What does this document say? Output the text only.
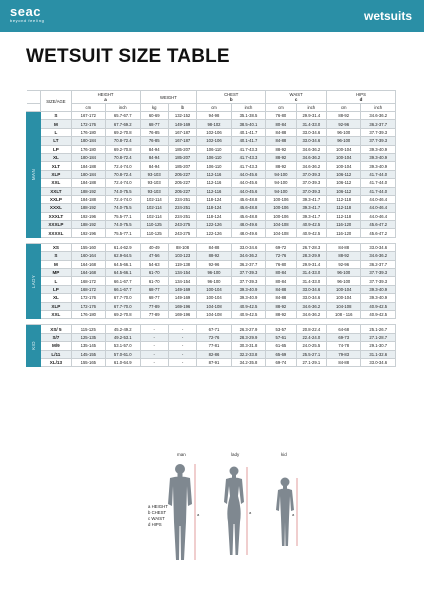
seac
beyond feeling	wetsuits
WETSUIT SIZE TABLE
	SIZE/AGE	HEIGHT
a		WEIGHT		CHEST
b		WAIST
c		HIPS
d	

		cm	inch	kg	lb	cm	inch	cm	inch	cm	inch
MAN	S	167-172	65.7-67.7	60-69	132-152	94-98	35.1-38.5	76-80	29.9-31.4	88-92	34.6-36.2
	M	172-176	67.7-69.2	68-77	149-169	98-102	38.5-40.1	80-84	31.4-33.0	92-96	36.2-37.7
	L	176-180	69.2-70.8	76-85	167-187	102-106	40.1-41.7	84-88	33.0-34.6	96-100	37.7-39.3
	LT	180-184	70.8-72.4	76-85	167-187	102-106	40.1-41.7	84-88	33.0-34.6	96-100	37.7-39.3
	LP	176-180	69.2-70.8	84-94	185-207	106-110	41.7-43.3	88-92	34.6-36.2	100-104	39.3-40.9
	XL	180-184	70.8-72.4	84-94	185-207	106-110	41.7-43.3	88-92	34.6-36.2	100-104	39.3-40.9
	XLT	184-188	72.4-74.0	84-94	185-207	106-110	41.7-43.3	88-92	34.6-36.2	100-104	39.3-40.9
	XLP	180-184	70.8-72.4	93-103	205-227	112-116	44.0-45.6	94-100	37.0-39.3	106-112	41.7-44.0
	XXL	184-188	72.4-74.0	93-103	205-227	112-116	44.0-45.6	94-100	37.0-39.3	106-112	41.7-44.0
	XXLT	188-192	74.0-75.5	93-103	205-227	112-116	44.0-45.6	94-100	37.0-39.3	106-112	41.7-44.0
	XXLP	184-188	72.4-74.0	102-114	224-251	118-124	45.6-48.8	100-106	39.3-41.7	112-118	44.0-46.4
	XXXL	188-192	74.0-75.5	102-114	224-251	118-124	45.6-48.8	100-106	39.3-41.7	112-118	44.0-46.4
	XXXLT	192-196	75.5-77.1	102-114	224-251	118-124	45.6-48.8	100-106	39.3-41.7	112-118	44.0-46.4
	XXXLP	188-192	74.0-75.5	110-125	243-275	122-126	48.0-49.6	104-108	40.9-42.5	116-120	45.6-47.2
	XXXXL	192-196	75.5-77.1	110-125	243-275	122-126	48.0-49.6	104-108	40.9-42.5	116-120	45.6-47.2

LADY	XS	155-160	61.4-62.9	40-49	88-108	84-88	33.0-34.6	69-72	26.7-28.3	84-88	33.0-34.6
	S	160-164	62.9-64.5	47-56	103-123	88-92	34.6-36.2	72-76	28.3-29.9	88-92	34.6-36.2
	M	164-168	64.5-66.1	54-63	119-138	92-96	36.2-37.7	76-80	29.9-31.4	92-96	36.2-37.7
	MP	164-168	64.5-66.1	61-70	134-154	96-100	37.7-39.3	80-84	31.4-33.0	96-100	37.7-39.3
	L	168-172	66.1-67.7	61-70	134-154	96-100	37.7-39.3	80-84	31.4-33.0	96-100	37.7-39.3
	LP	168-172	66.1-67.7	68-77	149-169	100-104	39.3-40.9	84-88	33.0-34.6	100-104	39.3-40.9
	XL	172-176	67.7-70.0	68-77	149-169	100-104	39.3-40.9	84-88	33.0-34.6	100-104	39.3-40.9
	XLP	172-176	67.7-70.0	77-89	169-196	104-108	40.9-42.5	88-92	34.6-36.2	104-108	40.9-42.5
	XXL	176-180	69.2-70.8	77-89	169-196	104-108	40.9-42.5	88-92	34.6-36.2	108 - 116	40.9-42.5

KID	XS/ 5	115-125	45.2-49.2	-	-	67-71	26.3-27.9	53-57	20.8-22.4	64-68	25.1-26.7
	S/7	125-135	49.2-53.1	-	-	72-76	28.3-29.9	57-61	22.4-24.0	69-73	27.1-28.7
	M/9	135-145	53.1-57.0	-	-	77-81	30.3-31.8	61-65	24.0-25.5	74-78	29.1-30.7
	L/11	145-155	57.0-61.0	-	-	82-86	32.2-33.8	65-69	25.5-27.1	79-83	31.1-32.6
	XL/13	155-165	61.0-64.9	-	-	87-91	34.2-35.8	69-74	27.1-29.1	84-88	33.0-34.6
man	lady	kid
a	a	a
a HEIGHT
b CHEST
c WAIST
d HIPS
